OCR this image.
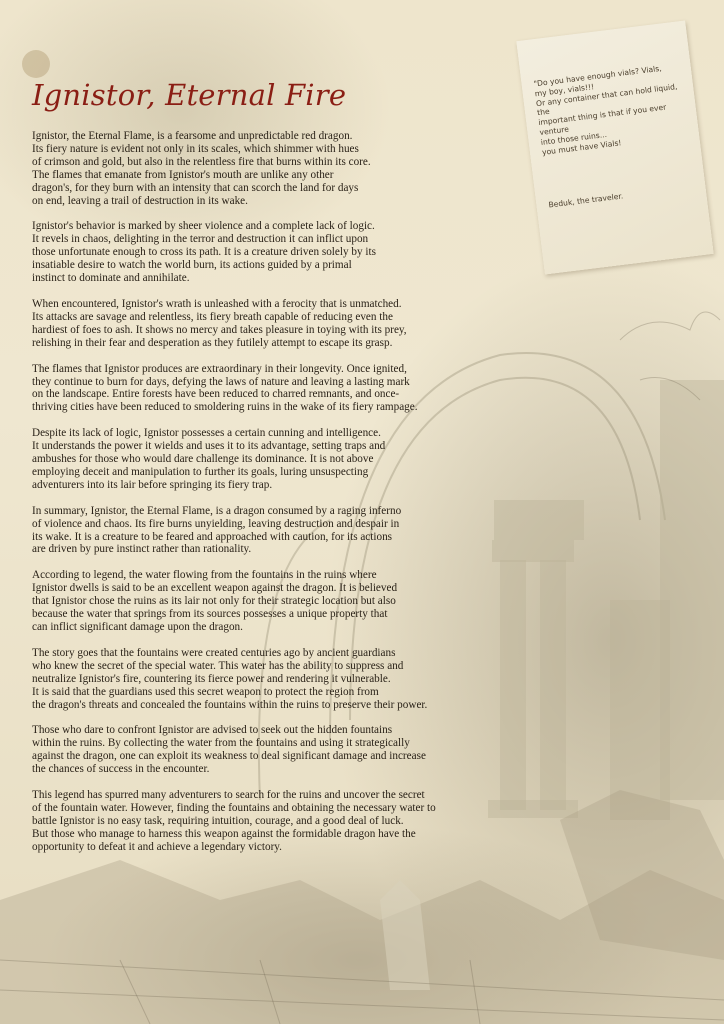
Ignistor, Eternal Fire

Ignistor, the Eternal Flame, is a fearsome and unpredictable red dragon.
Its fiery nature is evident not only in its scales, which shimmer with hues
of crimson and gold, but also in the relentless fire that burns within its core.
The flames that emanate from Ignistor's mouth are unlike any other
dragon's, for they burn with an intensity that can scorch the land for days
on end, leaving a trail of destruction in its wake.

Ignistor's behavior is marked by sheer violence and a complete lack of logic.
It revels in chaos, delighting in the terror and destruction it can inflict upon
those unfortunate enough to cross its path. It is a creature driven solely by its
insatiable desire to watch the world burn, its actions guided by a primal
instinct to dominate and annihilate.

When encountered, Ignistor's wrath is unleashed with a ferocity that is unmatched.
Its attacks are savage and relentless, its fiery breath capable of reducing even the
hardiest of foes to ash. It shows no mercy and takes pleasure in toying with its prey,
relishing in their fear and desperation as they futilely attempt to escape its grasp.

The flames that Ignistor produces are extraordinary in their longevity. Once ignited,
they continue to burn for days, defying the laws of nature and leaving a lasting mark
on the landscape. Entire forests have been reduced to charred remnants, and once-
thriving cities have been reduced to smoldering ruins in the wake of its fiery rampage.

Despite its lack of logic, Ignistor possesses a certain cunning and intelligence.
It understands the power it wields and uses it to its advantage, setting traps and
ambushes for those who would dare challenge its dominance. It is not above
employing deceit and manipulation to further its goals, luring unsuspecting
adventurers into its lair before springing its fiery trap.

In summary, Ignistor, the Eternal Flame, is a dragon consumed by a raging inferno
of violence and chaos. Its fire burns unyielding, leaving destruction and despair in
its wake. It is a creature to be feared and approached with caution, for its actions
are driven by pure instinct rather than rationality.

According to legend, the water flowing from the fountains in the ruins where
Ignistor dwells is said to be an excellent weapon against the dragon. It is believed
that Ignistor chose the ruins as its lair not only for their strategic location but also
because the water that springs from its sources possesses a unique property that
can inflict significant damage upon the dragon.

The story goes that the fountains were created centuries ago by ancient guardians
who knew the secret of the special water. This water has the ability to suppress and
neutralize Ignistor's fire, countering its fierce power and rendering it vulnerable.
It is said that the guardians used this secret weapon to protect the region from
the dragon's threats and concealed the fountains within the ruins to preserve their power.

Those who dare to confront Ignistor are advised to seek out the hidden fountains
within the ruins. By collecting the water from the fountains and using it strategically
against the dragon, one can exploit its weakness to deal significant damage and increase
the chances of success in the encounter.

This legend has spurred many adventurers to search for the ruins and uncover the secret
of the fountain water. However, finding the fountains and obtaining the necessary water to
battle Ignistor is no easy task, requiring intuition, courage, and a good deal of luck.
But those who manage to harness this weapon against the formidable dragon have the
opportunity to defeat it and achieve a legendary victory.

"Do you have enough vials? Vials,
my boy, vials!!!
Or any container that can hold liquid,
the
important thing is that if you ever
venture
into those ruins...
you must have Vials!
Beduk, the traveler.
